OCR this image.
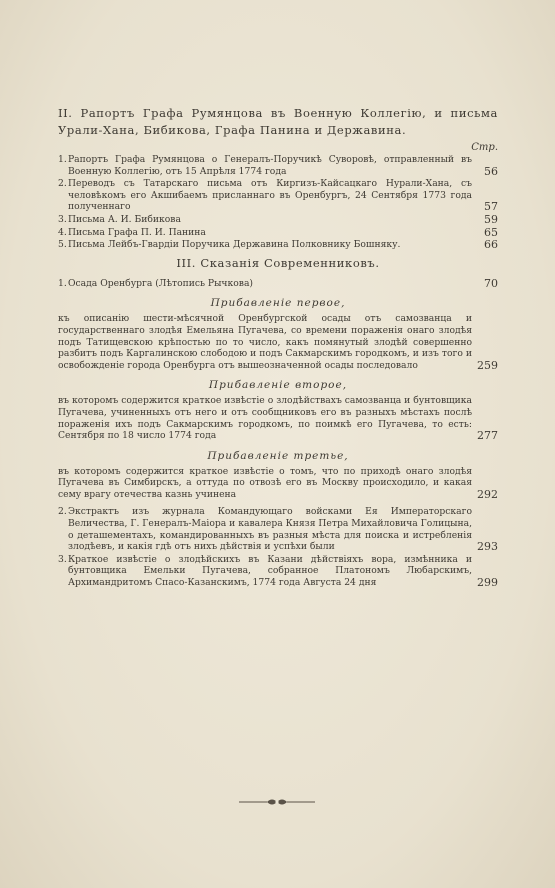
II. Рапортъ Графа Румянцова въ Военную Коллегію, и письма Урали-Хана, Бибикова, Графа Панина и Державина.

Стр.

1. Рапортъ Графа Румянцова о Генералъ-Поручикѣ Суворовѣ, отправленный въ Военную Коллегію, отъ 15 Апрѣля 1774 года	56
2. Переводъ съ Татарскаго письма отъ Киргизъ-Кайсацкаго Нурали-Хана, съ человѣкомъ его Акшибаемъ присланнаго въ Оренбургъ, 24 Сентября 1773 года полученнаго	57
3. Письма А. И. Бибикова	59
4. Письма Графа П. И. Панина	65
5. Письма Лейбъ-Гвардіи Поручика Державина Полковнику Бошняку.	66

III. Сказанія Современниковъ.

1. Осада Оренбурга (Лѣтопись Рычкова)	70
Прибавленіе первое,
къ описанію шести-мѣсячной Оренбургской осады отъ самозванца и государственнаго злодѣя Емельяна Пугачева, со времени пораженія онаго злодѣя подъ Татищевскою крѣпостью по то число, какъ помянутый злодѣй совершенно разбитъ подъ Каргалинскою слободою и подъ Сакмарскимъ городкомъ, и изъ того и освобожденіе города Оренбурга отъ вышеозначенной осады последовало	259
Прибавленіе второе,
въ которомъ содержится краткое извѣстіе о злодѣйствахъ самозванца и бунтовщика Пугачева, учиненныхъ отъ него и отъ сообщниковъ его въ разныхъ мѣстахъ послѣ пораженія ихъ подъ Сакмарскимъ городкомъ, по поимкѣ его Пугачева, то есть: Сентября по 18 число 1774 года	277
Прибавленіе третье,
въ которомъ содержится краткое извѣстіе о томъ, что по приходѣ онаго злодѣя Пугачева въ Симбирскъ, а оттуда по отвозѣ его въ Москву происходило, и какая сему врагу отечества казнь учинена	292
2. Экстрактъ изъ журнала Командующаго войсками Ея Императорскаго Величества, Г. Генералъ-Маіора и кавалера Князя Петра Михайловича Голицына, о деташементахъ, командированныхъ въ разныя мѣста для поиска и истребленія злодѣевъ, и какія гдѣ отъ нихъ дѣйствія и успѣхи были	293
3. Краткое извѣстіе о злодѣйскихъ въ Казани дѣйствіяхъ вора, измѣнника и бунтовщика Емельки Пугачева, собранное Платономъ Любарскимъ, Архимандритомъ Спасо-Казанскимъ, 1774 года Августа 24 дня	299
